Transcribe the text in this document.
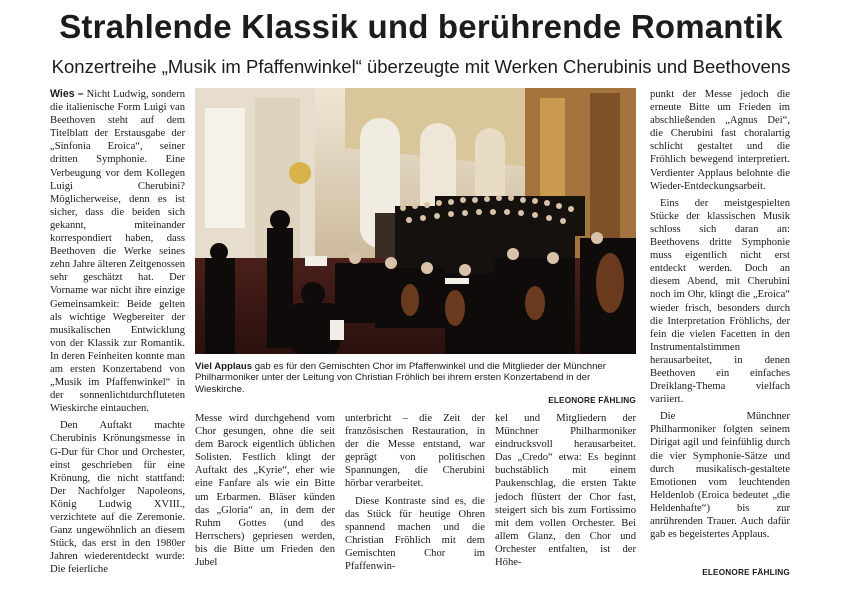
Strahlende Klassik und berührende Romantik
Konzertreihe „Musik im Pfaffenwinkel“ überzeugte mit Werken Cherubinis und Beethovens

Wies – Nicht Ludwig, sondern die italienische Form Luigi van Beethoven steht auf dem Titelblatt der Erstausgabe der „Sinfonia Eroica“, seiner dritten Symphonie. Eine Verbeugung vor dem Kollegen Luigi Cherubini? Möglicherweise, denn es ist sicher, dass die beiden sich gekannt, miteinander korrespondiert haben, dass Beethoven die Werke seines zehn Jahre älteren Zeitgenossen sehr geschätzt hat. Der Vorname war nicht ihre einzige Gemeinsamkeit: Beide gelten als wichtige Wegbereiter der musikalischen Entwicklung von der Klassik zur Romantik. In deren Feinheiten konnte man am ersten Konzertabend von „Musik im Pfaffenwinkel“ in der sonnenlichtdurchfluteten Wieskirche eintauchen.

Den Auftakt machte Cherubinis Krönungsmesse in G-Dur für Chor und Orchester, einst geschrieben für eine Krönung, die nicht stattfand: Der Nachfolger Napoleons, König Ludwig XVIII., verzichtete auf die Zeremonie. Ganz ungewöhnlich an diesem Stück, das erst in den 1980er Jahren wiederentdeckt wurde: Die feierliche

Viel Applaus gab es für den Gemischten Chor im Pfaffenwinkel und die Mitglieder der Münchner Philharmoniker unter der Leitung von Christian Fröhlich bei ihrem ersten Konzertabend in der Wieskirche.
ELEONORE FÄHLING

Messe wird durchgehend vom Chor gesungen, ohne die seit dem Barock eigentlich üblichen Solisten. Festlich klingt der Auftakt des „Kyrie“, eher wie eine Fanfare als wie ein Bitte um Erbarmen. Bläser künden das „Gloria“ an, in dem der Ruhm Gottes (und des Herrschers) gepriesen werden, bis die Bitte um Frieden den Jubel

unterbricht – die Zeit der französischen Restauration, in der die Messe entstand, war geprägt von politischen Spannungen, die Cherubini hörbar verarbeitet.

Diese Kontraste sind es, die das Stück für heutige Ohren spannend machen und die Christian Fröhlich mit dem Gemischten Chor im Pfaffenwin-

kel und Mitgliedern der Münchner Philharmoniker eindrucksvoll herausarbeitet. Das „Credo“ etwa: Es beginnt buchstäblich mit einem Paukenschlag, die ersten Takte jedoch flüstert der Chor fast, steigert sich bis zum Fortissimo mit dem vollen Orchester. Bei allem Glanz, den Chor und Orchester entfalten, ist der Höhe-

punkt der Messe jedoch die erneute Bitte um Frieden im abschließenden „Agnus Dei“, die Cherubini fast choralartig schlicht gestaltet und die Fröhlich bewegend interpretiert. Verdienter Applaus belohnte die Wieder-Entdeckungsarbeit.

Eins der meistgespielten Stücke der klassischen Musik schloss sich daran an: Beethovens dritte Symphonie muss eigentlich nicht erst entdeckt werden. Doch an diesem Abend, mit Cherubini noch im Ohr, klingt die „Eroica“ wieder frisch, besonders durch die Interpretation Fröhlichs, der fein die vielen Facetten in den Instrumentalstimmen herausarbeitet, in denen Beethoven ein einfaches Dreiklang-Thema vielfach variiert.

Die Münchner Philharmoniker folgten seinem Dirigat agil und feinfühlig durch die vier Symphonie-Sätze und durch musikalisch-gestaltete Emotionen vom leuchtenden Heldenlob (Eroica bedeutet „die Heldenhafte“) bis zur anrührenden Trauer. Auch dafür gab es begeistertes Applaus.

ELEONORE FÄHLING
